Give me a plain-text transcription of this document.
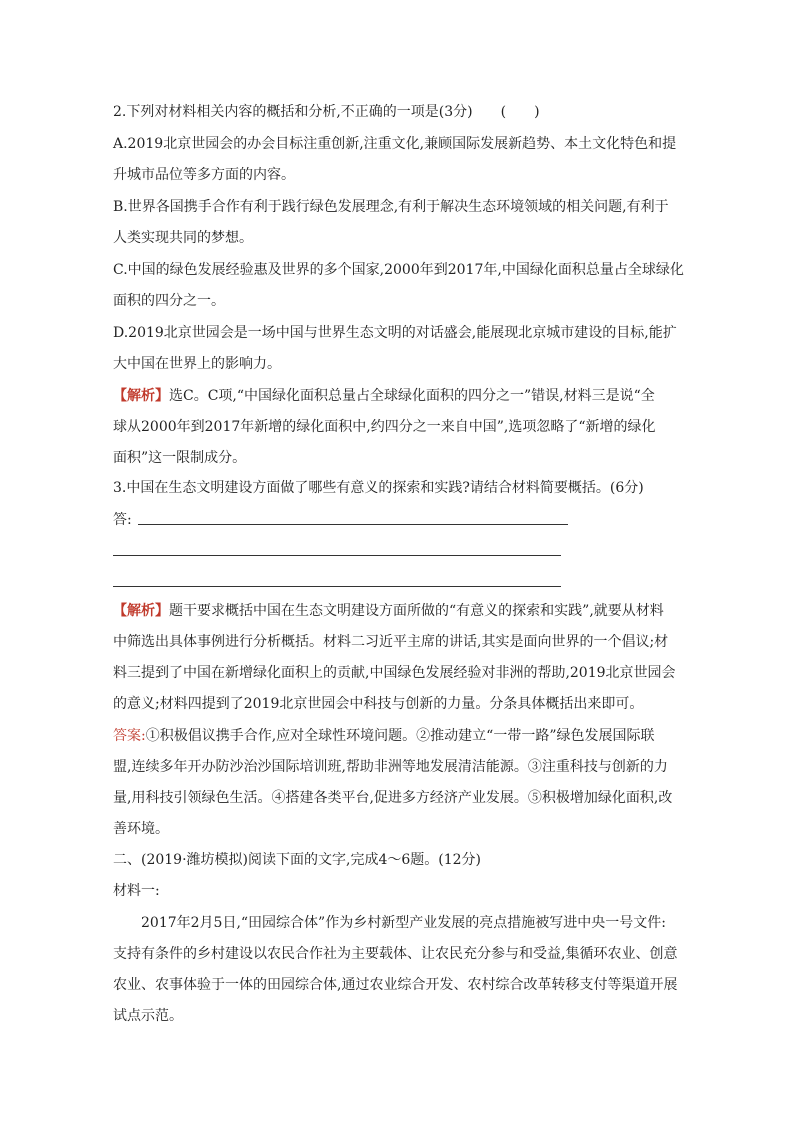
2.下列对材料相关内容的概括和分析,不正确的一项是(3分)　　(　　)
A.2019北京世园会的办会目标注重创新,注重文化,兼顾国际发展新趋势、本土文化特色和提
升城市品位等多方面的内容。
B.世界各国携手合作有利于践行绿色发展理念,有利于解决生态环境领域的相关问题,有利于
人类实现共同的梦想。
C.中国的绿色发展经验惠及世界的多个国家,2000年到2017年,中国绿化面积总量占全球绿化
面积的四分之一。
D.2019北京世园会是一场中国与世界生态文明的对话盛会,能展现北京城市建设的目标,能扩
大中国在世界上的影响力。
【解析】选C。C项,“中国绿化面积总量占全球绿化面积的四分之一”错误,材料三是说“全
球从2000年到2017年新增的绿化面积中,约四分之一来自中国”,选项忽略了“新增的绿化
面积”这一限制成分。
3.中国在生态文明建设方面做了哪些有意义的探索和实践?请结合材料简要概括。(6分)
答:
【解析】题干要求概括中国在生态文明建设方面所做的“有意义的探索和实践”,就要从材料
中筛选出具体事例进行分析概括。材料二习近平主席的讲话,其实是面向世界的一个倡议;材
料三提到了中国在新增绿化面积上的贡献,中国绿色发展经验对非洲的帮助,2019北京世园会
的意义;材料四提到了2019北京世园会中科技与创新的力量。分条具体概括出来即可。
答案:①积极倡议携手合作,应对全球性环境问题。②推动建立“一带一路”绿色发展国际联
盟,连续多年开办防沙治沙国际培训班,帮助非洲等地发展清洁能源。③注重科技与创新的力
量,用科技引领绿色生活。④搭建各类平台,促进多方经济产业发展。⑤积极增加绿化面积,改
善环境。
二、(2019·潍坊模拟)阅读下面的文字,完成4～6题。(12分)
材料一:
　　2017年2月5日,“田园综合体”作为乡村新型产业发展的亮点措施被写进中央一号文件:
支持有条件的乡村建设以农民合作社为主要载体、让农民充分参与和受益,集循环农业、创意
农业、农事体验于一体的田园综合体,通过农业综合开发、农村综合改革转移支付等渠道开展
试点示范。
